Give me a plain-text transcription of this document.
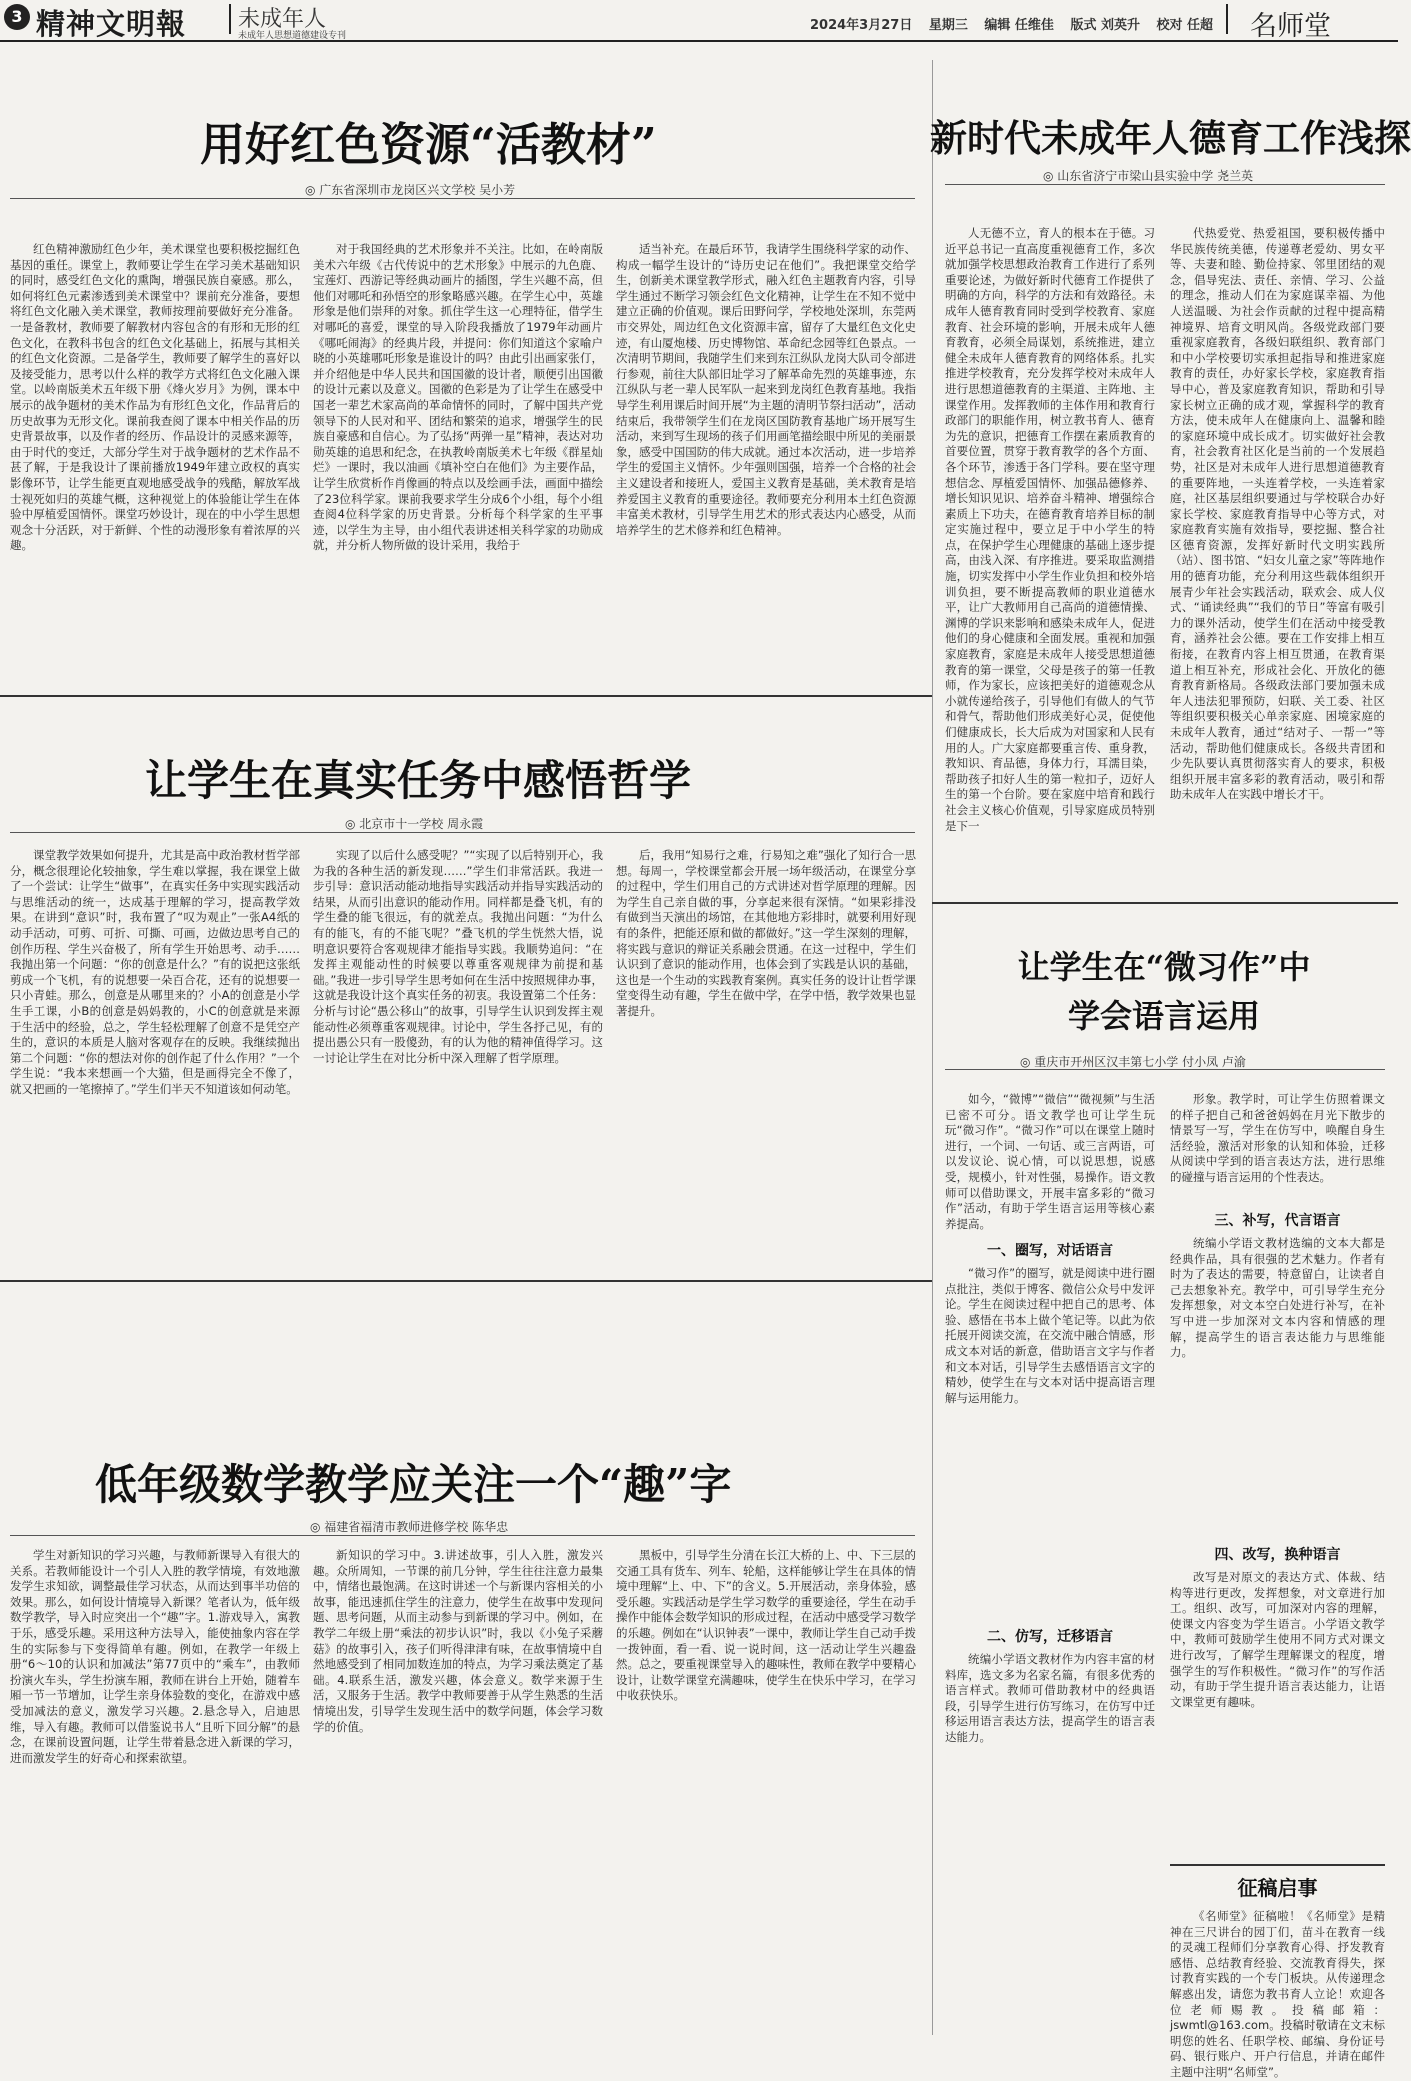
3 精神文明報 未成年人
未成年人思想道德建设专刊
2024年3月27日 星期三 编辑 任维佳 版式 刘英升 校对 任超	名师堂
用好红色资源“活教材”
◎ 广东省深圳市龙岗区兴文学校 吴小芳

红色精神激励红色少年，美术课堂也要积极挖掘红色基因的重任。课堂上，教师要让学生在学习美术基础知识的同时，感受红色文化的熏陶，增强民族自豪感。那么，如何将红色元素渗透到美术课堂中？课前充分准备，要想将红色文化融入美术课堂，教师按理前要做好充分准备。一是备教材，教师要了解教材内容包含的有形和无形的红色文化，在教科书包含的红色文化基础上，拓展与其相关的红色文化资源。二是备学生，教师要了解学生的喜好以及接受能力，思考以什么样的教学方式将红色文化融入课堂。以岭南版美术五年级下册《烽火岁月》为例，课本中展示的战争题材的美术作品为有形红色文化，作品背后的历史故事为无形文化。课前我查阅了课本中相关作品的历史背景故事，以及作者的经历、作品设计的灵感来源等，由于时代的变迁，大部分学生对于战争题材的艺术作品不甚了解，于是我设计了课前播放1949年建立政权的真实影像环节，让学生能更直观地感受战争的残酷，解放军战士视死如归的英雄气概，这种视觉上的体验能让学生在体验中厚植爱国情怀。课堂巧妙设计，现在的中小学生思想观念十分活跃，对于新鲜、个性的动漫形象有着浓厚的兴趣。

对于我国经典的艺术形象并不关注。比如，在岭南版美术六年级《古代传说中的艺术形象》中展示的九色鹿、宝莲灯、西游记等经典动画片的插图，学生兴趣不高，但他们对哪吒和孙悟空的形象略感兴趣。在学生心中，英雄形象是他们崇拜的对象。抓住学生这一心理特征，借学生对哪吒的喜爱，课堂的导入阶段我播放了1979年动画片《哪吒闹海》的经典片段，并提问：你们知道这个家喻户晓的小英雄哪吒形象是谁设计的吗？由此引出画家张仃，并介绍他是中华人民共和国国徽的设计者，顺便引出国徽的设计元素以及意义。国徽的色彩是为了让学生在感受中国老一辈艺术家高尚的革命情怀的同时，了解中国共产党领导下的人民对和平、团结和繁荣的追求，增强学生的民族自豪感和自信心。为了弘扬“两弹一星”精神，表达对功勋英雄的追思和纪念，在执教岭南版美术七年级《群星灿烂》一课时，我以油画《填补空白在他们》为主要作品，让学生欣赏析作肖像画的特点以及绘画手法，画面中描绘了23位科学家。课前我要求学生分成6个小组，每个小组查阅4位科学家的历史背景。分析每个科学家的生平事迹，以学生为主导，由小组代表讲述相关科学家的功勋成就，并分析人物所做的设计采用，我给于

适当补充。在最后环节，我请学生围绕科学家的动作、构成一幅学生设计的“诗历史记在他们”。我把课堂交给学生，创新美术课堂教学形式，融入红色主题教育内容，引导学生通过不断学习领会红色文化精神，让学生在不知不觉中建立正确的价值观。课后田野问学，学校地处深圳，东莞两市交界处，周边红色文化资源丰富，留存了大量红色文化史迹，有山厦炮楼、历史博物馆、革命纪念园等红色景点。一次清明节期间，我随学生们来到东江纵队龙岗大队司令部进行参观，前往大队部旧址学习了解革命先烈的英雄事迹，东江纵队与老一辈人民军队一起来到龙岗红色教育基地。我指导学生利用课后时间开展“为主题的清明节祭扫活动”，活动结束后，我带领学生们在龙岗区国防教育基地广场开展写生活动，来到写生现场的孩子们用画笔描绘眼中所见的美丽景象，感受中国国防的伟大成就。通过本次活动，进一步培养学生的爱国主义情怀。少年强则国强，培养一个合格的社会主义建设者和接班人，爱国主义教育是基础，美术教育是培养爱国主义教育的重要途径。教师要充分利用本土红色资源丰富美术教材，引导学生用艺术的形式表达内心感受，从而培养学生的艺术修养和红色精神。

让学生在真实任务中感悟哲学
◎ 北京市十一学校 周永霞

课堂教学效果如何提升，尤其是高中政治教材哲学部分，概念很理论化较抽象，学生难以掌握，我在课堂上做了一个尝试：让学生“做事”，在真实任务中实现实践活动与思维活动的统一，达成基于理解的学习，提高教学效果。在讲到“意识”时，我布置了“叹为观止”一张A4纸的动手活动，可剪、可折、可撕、可画，边做边思考自己的创作历程、学生兴奋极了，所有学生开始思考、动手……我抛出第一个问题：“你的创意是什么？”有的说把这张纸剪成一个飞机，有的说想要一朵百合花，还有的说想要一只小青蛙。那么，创意是从哪里来的？小A的创意是小学生手工课，小B的创意是妈妈教的，小C的创意就是来源于生活中的经验，总之，学生轻松理解了创意不是凭空产生的，意识的本质是人脑对客观存在的反映。我继续抛出第二个问题：“你的想法对你的创作起了什么作用？”一个学生说：“我本来想画一个大猫，但是画得完全不像了，就又把画的一笔擦掉了。”学生们半天不知道该如何动笔。

实现了以后什么感受呢？”“实现了以后特别开心，我为我的各种生活的新发现……”学生们非常活跃。我进一步引导：意识活动能动地指导实践活动并指导实践活动的结果，从而引出意识的能动作用。同样都是叠飞机，有的学生叠的能飞很远，有的就差点。我抛出问题：“为什么有的能飞，有的不能飞呢？”叠飞机的学生恍然大悟，说明意识要符合客观规律才能指导实践。我顺势追问：“在发挥主观能动性的时候要以尊重客观规律为前提和基础。”我进一步引导学生思考如何在生活中按照规律办事，这就是我设计这个真实任务的初衷。我设置第二个任务：分析与讨论“愚公移山”的故事，引导学生认识到发挥主观能动性必须尊重客观规律。讨论中，学生各抒己见，有的提出愚公只有一股傻劲，有的认为他的精神值得学习。这一讨论让学生在对比分析中深入理解了哲学原理。

后，我用“知易行之难，行易知之难”强化了知行合一思想。每周一，学校课堂都会开展一场年级活动，在课堂分享的过程中，学生们用自己的方式讲述对哲学原理的理解。因为学生自己亲自做的事，分享起来很有深情。“如果彩排没有做到当天演出的场馆，在其他地方彩排时，就要利用好现有的条件，把能还原和做的都做好。”这一学生深刻的理解，将实践与意识的辩证关系融会贯通。在这一过程中，学生们认识到了意识的能动作用，也体会到了实践是认识的基础，这也是一个生动的实践教育案例。真实任务的设计让哲学课堂变得生动有趣，学生在做中学，在学中悟，教学效果也显著提升。

低年级数学教学应关注一个“趣”字
◎ 福建省福清市教师进修学校 陈华忠

学生对新知识的学习兴趣，与教师新课导入有很大的关系。若教师能设计一个引人入胜的教学情境，有效地激发学生求知欲，调整最佳学习状态，从而达到事半功倍的效果。那么，如何设计情境导入新课？笔者认为，低年级数学教学，导入时应突出一个“趣”字。1.游戏导入，寓教于乐，感受乐趣。采用这种方法导入，能使抽象内容在学生的实际参与下变得简单有趣。例如，在教学一年级上册“6～10的认识和加减法”第77页中的“乘车”，由教师扮演火车头，学生扮演车厢，教师在讲台上开始，随着车厢一节一节增加，让学生亲身体验数的变化，在游戏中感受加减法的意义，激发学习兴趣。2.悬念导入，启迪思维，导入有趣。教师可以借鉴说书人“且听下回分解”的悬念，在课前设置问题，让学生带着悬念进入新课的学习，进而激发学生的好奇心和探索欲望。

新知识的学习中。3.讲述故事，引人入胜，激发兴趣。众所周知，一节课的前几分钟，学生往往注意力最集中，情绪也最饱满。在这时讲述一个与新课内容相关的小故事，能迅速抓住学生的注意力，使学生在故事中发现问题、思考问题，从而主动参与到新课的学习中。例如，在教学二年级上册“乘法的初步认识”时，我以《小兔子采蘑菇》的故事引入，孩子们听得津津有味，在故事情境中自然地感受到了相同加数连加的特点，为学习乘法奠定了基础。4.联系生活，激发兴趣，体会意义。数学来源于生活，又服务于生活。教学中教师要善于从学生熟悉的生活情境出发，引导学生发现生活中的数学问题，体会学习数学的价值。

黑板中，引导学生分清在长江大桥的上、中、下三层的交通工具有货车、列车、轮船，这样能够让学生在具体的情境中理解“上、中、下”的含义。5.开展活动，亲身体验，感受乐趣。实践活动是学生学习数学的重要途径，学生在动手操作中能体会数学知识的形成过程，在活动中感受学习数学的乐趣。例如在“认识钟表”一课中，教师让学生自己动手拨一拨钟面，看一看、说一说时间，这一活动让学生兴趣盎然。总之，要重视课堂导入的趣味性，教师在教学中要精心设计，让数学课堂充满趣味，使学生在快乐中学习，在学习中收获快乐。

新时代未成年人德育工作浅探
◎ 山东省济宁市梁山县实验中学 尧兰英

人无德不立，育人的根本在于德。习近平总书记一直高度重视德育工作，多次就加强学校思想政治教育工作进行了系列重要论述，为做好新时代德育工作提供了明确的方向，科学的方法和有效路径。未成年人德育教育同时受到学校教育、家庭教育、社会环境的影响，开展未成年人德育教育，必须全局谋划，系统推进，建立健全未成年人德育教育的网络体系。扎实推进学校教育，充分发挥学校对未成年人进行思想道德教育的主渠道、主阵地、主课堂作用。发挥教师的主体作用和教育行政部门的职能作用，树立教书育人、德育为先的意识，把德育工作摆在素质教育的首要位置，贯穿于教育教学的各个方面、各个环节，渗透于各门学科。要在坚守理想信念、厚植爱国情怀、加强品德修养、增长知识见识、培养奋斗精神、增强综合素质上下功夫，在德育教育培养目标的制定实施过程中，要立足于中小学生的特点，在保护学生心理健康的基础上逐步提高，由浅入深、有序推进。要采取监测措施，切实发挥中小学生作业负担和校外培训负担，要不断提高教师的职业道德水平，让广大教师用自己高尚的道德情操、渊博的学识来影响和感染未成年人，促进他们的身心健康和全面发展。重视和加强家庭教育，家庭是未成年人接受思想道德教育的第一课堂，父母是孩子的第一任教师，作为家长，应该把美好的道德观念从小就传递给孩子，引导他们有做人的气节和骨气，帮助他们形成美好心灵，促使他们健康成长，长大后成为对国家和人民有用的人。广大家庭都要重言传、重身教，教知识、育品德，身体力行，耳濡目染，帮助孩子扣好人生的第一粒扣子，迈好人生的第一个台阶。要在家庭中培育和践行社会主义核心价值观，引导家庭成员特别是下一

代热爱党、热爱祖国，要积极传播中华民族传统美德，传递尊老爱幼、男女平等、夫妻和睦、勤俭持家、邻里团结的观念，倡导宪法、责任、亲情、学习、公益的理念，推动人们在为家庭谋幸福、为他人送温暖、为社会作贡献的过程中提高精神境界、培育文明风尚。各级党政部门要重视家庭教育，各级妇联组织、教育部门和中小学校要切实承担起指导和推进家庭教育的责任，办好家长学校，家庭教育指导中心，普及家庭教育知识，帮助和引导家长树立正确的成才观，掌握科学的教育方法，使未成年人在健康向上、温馨和睦的家庭环境中成长成才。切实做好社会教育，社会教育社区化是当前的一个发展趋势，社区是对未成年人进行思想道德教育的重要阵地，一头连着学校，一头连着家庭，社区基层组织要通过与学校联合办好家长学校、家庭教育指导中心等方式，对家庭教育实施有效指导，要挖掘、整合社区德育资源，发挥好新时代文明实践所（站）、图书馆、“妇女儿童之家”等阵地作用的德育功能，充分利用这些载体组织开展青少年社会实践活动，联欢会、成人仪式、“诵读经典”“我们的节日”等富有吸引力的课外活动，使学生们在活动中接受教育，涵养社会公德。要在工作安排上相互衔接，在教育内容上相互贯通，在教育渠道上相互补充，形成社会化、开放化的德育教育新格局。各级政法部门要加强未成年人违法犯罪预防，妇联、关工委、社区等组织要积极关心单亲家庭、困境家庭的未成年人教育，通过“结对子、一帮一”等活动，帮助他们健康成长。各级共青团和少先队要认真贯彻落实育人的要求，积极组织开展丰富多彩的教育活动，吸引和帮助未成年人在实践中增长才干。

让学生在“微习作”中
学会语言运用
◎ 重庆市开州区汉丰第七小学 付小凤 卢渝

如今，“微博”“微信”“微视频”与生活已密不可分。语文教学也可让学生玩玩“微习作”。“微习作”可以在课堂上随时进行，一个词、一句话、或三言两语，可以发议论、说心情，可以说思想，说感受，规模小，针对性强，易操作。语文教师可以借助课文，开展丰富多彩的“微习作”活动，有助于学生语言运用等核心素养提高。

一、圈写，对话语言

“微习作”的圈写，就是阅读中进行圈点批注，类似于博客、微信公众号中发评论。学生在阅读过程中把自己的思考、体验、感悟在书本上做个笔记等。以此为依托展开阅读交流，在交流中融合情感，形成文本对话的新意，借助语言文字与作者和文本对话，引导学生去感悟语言文字的精妙，使学生在与文本对话中提高语言理解与运用能力。

二、仿写，迁移语言

统编小学语文教材作为内容丰富的材料库，选文多为名家名篇，有很多优秀的语言样式。教师可借助教材中的经典语段，引导学生进行仿写练习，在仿写中迁移运用语言表达方法，提高学生的语言表达能力。

形象。教学时，可让学生仿照着课文的样子把自己和爸爸妈妈在月光下散步的情景写一写，学生在仿写中，唤醒自身生活经验，激活对形象的认知和体验，迁移从阅读中学到的语言表达方法，进行思维的碰撞与语言运用的个性表达。

三、补写，代言语言

统编小学语文教材选编的文本大都是经典作品，具有很强的艺术魅力。作者有时为了表达的需要，特意留白，让读者自己去想象补充。教学中，可引导学生充分发挥想象，对文本空白处进行补写，在补写中进一步加深对文本内容和情感的理解，提高学生的语言表达能力与思维能力。

四、改写，换种语言

改写是对原文的表达方式、体裁、结构等进行更改，发挥想象，对文章进行加工。组织、改写，可加深对内容的理解，使课文内容变为学生语言。小学语文教学中，教师可鼓励学生使用不同方式对课文进行改写，了解学生理解课文的程度，增强学生的写作积极性。“微习作”的写作活动，有助于学生提升语言表达能力，让语文课堂更有趣味。

征稿启事

《名师堂》征稿啦！《名师堂》是精神在三尺讲台的园丁们，苗斗在教育一线的灵魂工程师们分享教育心得、抒发教育感悟、总结教育经验、交流教育得失，探讨教育实践的一个专门板块。从传递理念解惑出发，请您为教书育人立论！欢迎各位老师赐教。投稿邮箱：jswmtl@163.com。投稿时敬请在文末标明您的姓名、任职学校、邮编、身份证号码、银行账户、开户行信息，并请在邮件主题中注明“名师堂”。
